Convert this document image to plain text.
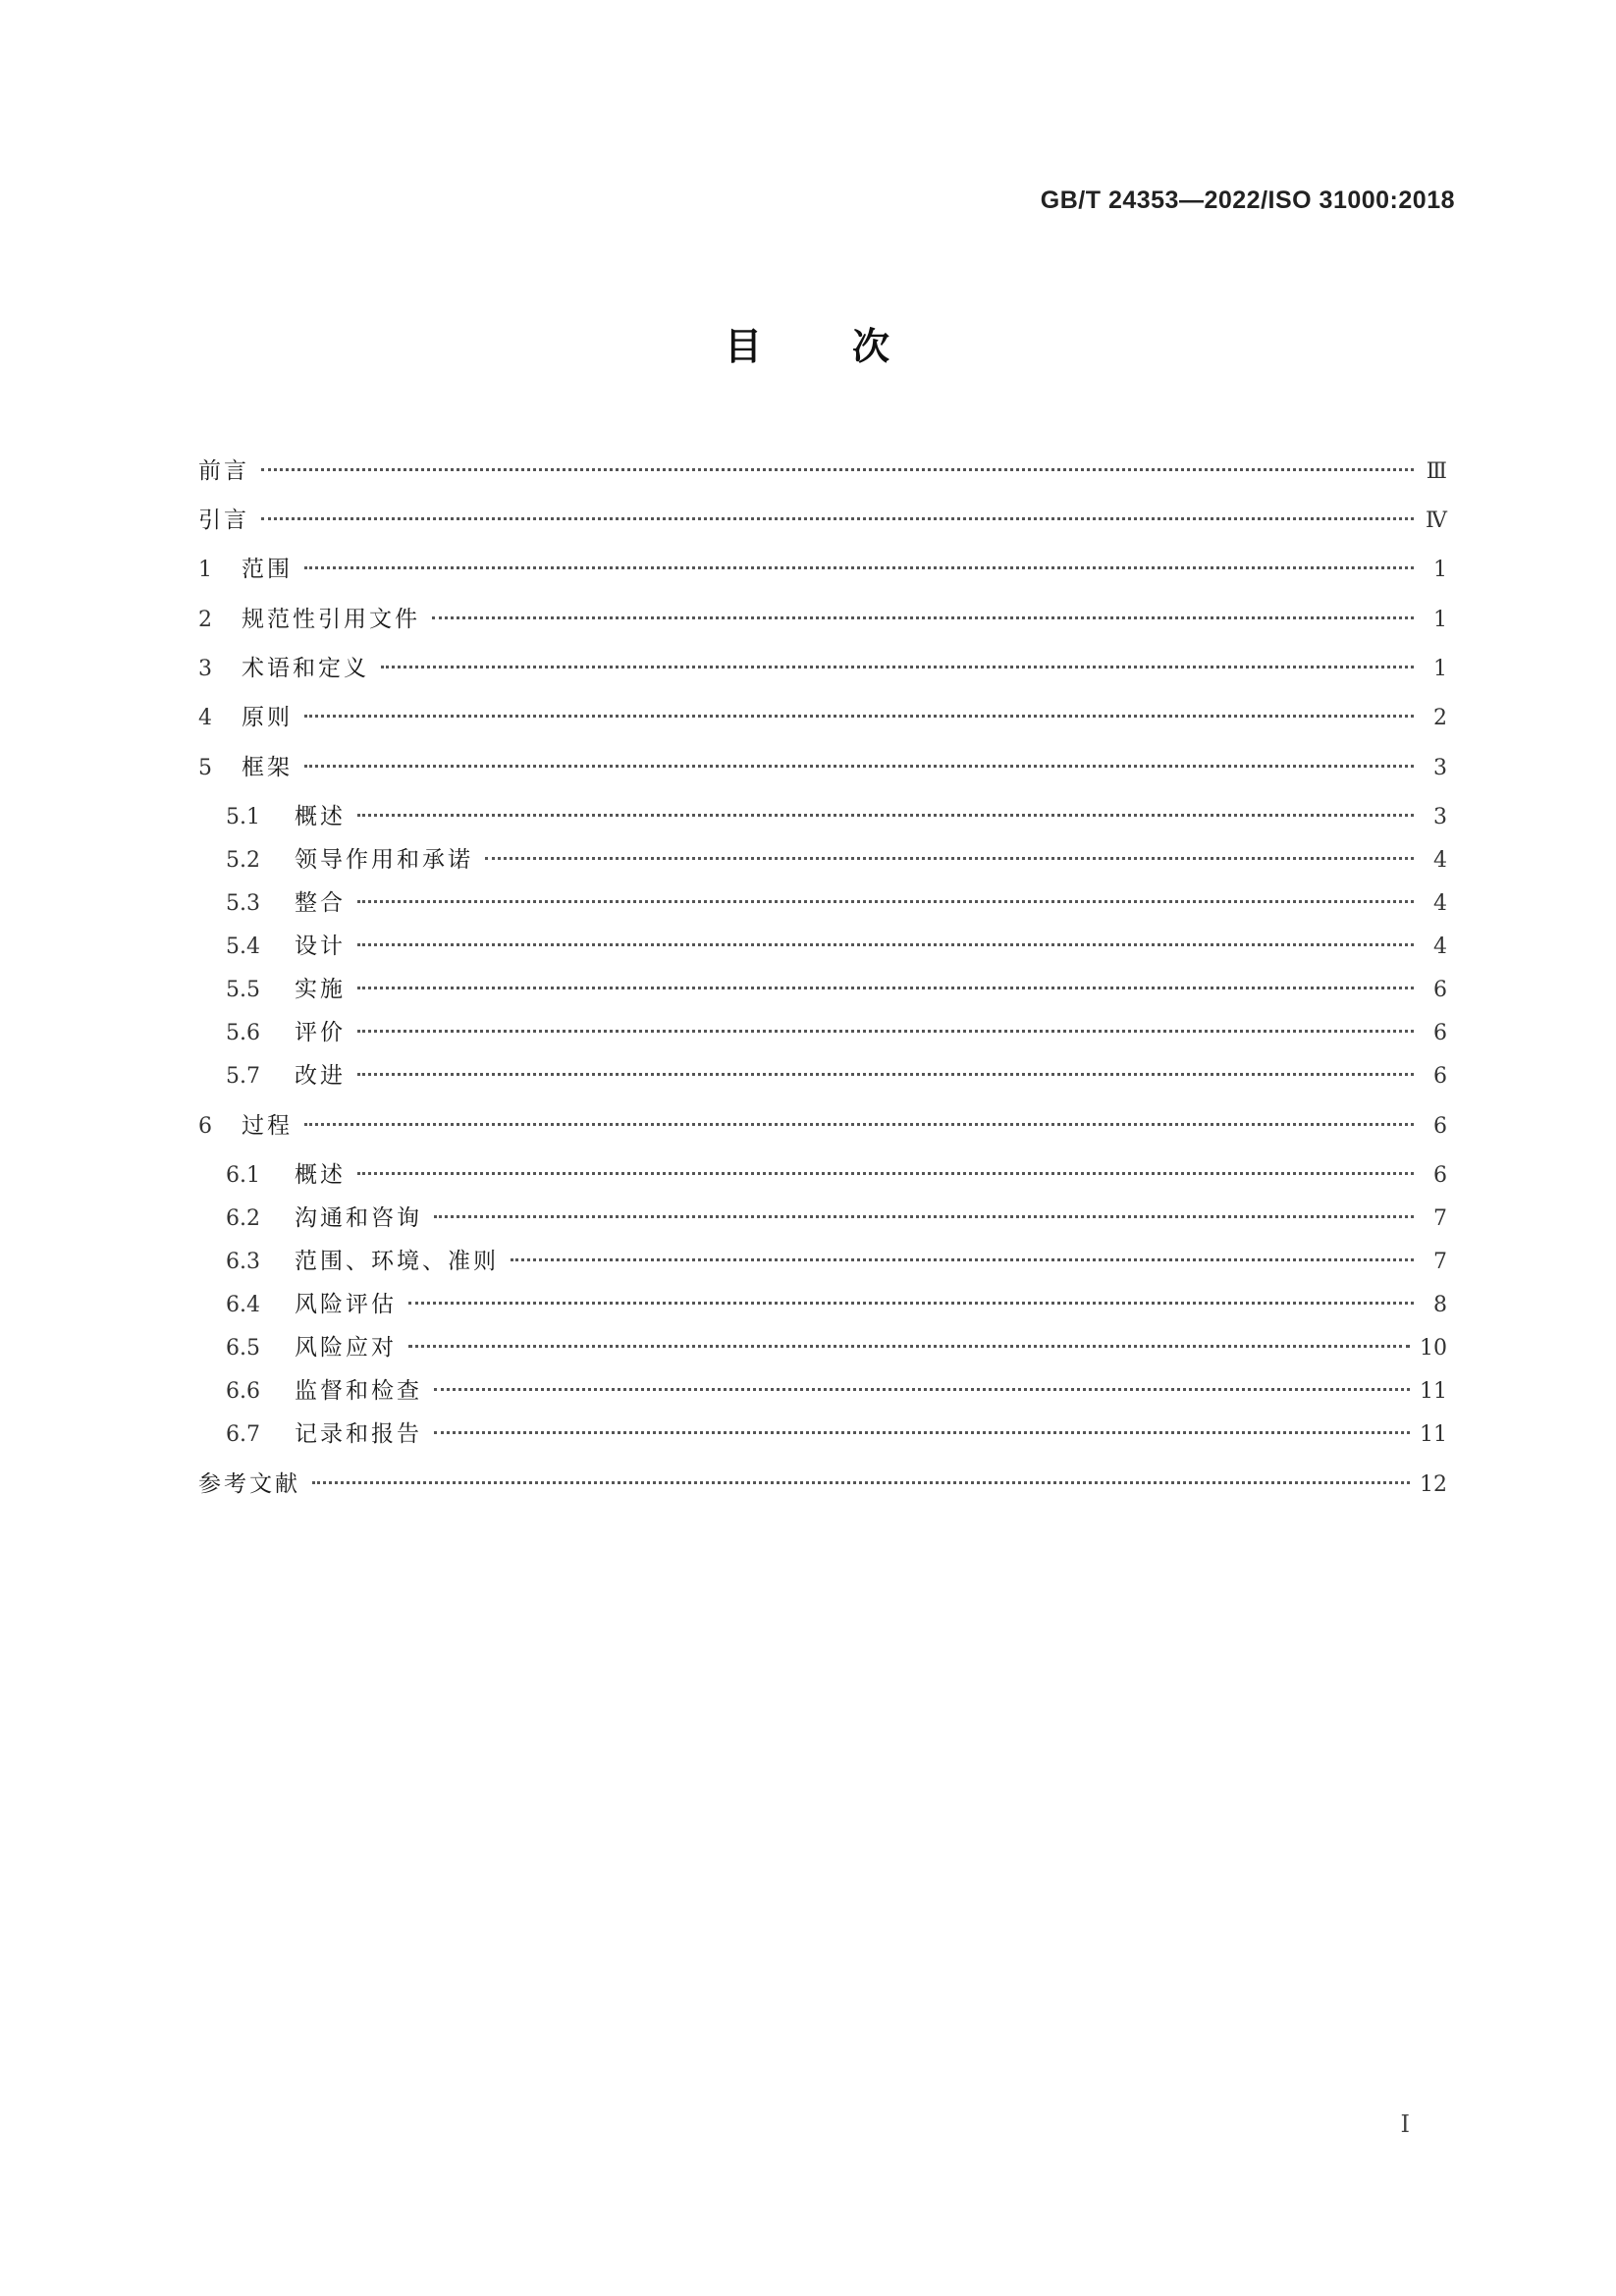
GB/T 24353—2022/ISO 31000:2018
目 次
前言	Ⅲ
引言	Ⅳ
1	范围	1
2	规范性引用文件	1
3	术语和定义	1
4	原则	2
5	框架	3
5.1	概述	3
5.2	领导作用和承诺	4
5.3	整合	4
5.4	设计	4
5.5	实施	6
5.6	评价	6
5.7	改进	6
6	过程	6
6.1	概述	6
6.2	沟通和咨询	7
6.3	范围、环境、准则	7
6.4	风险评估	8
6.5	风险应对	10
6.6	监督和检查	11
6.7	记录和报告	11
参考文献	12
I
